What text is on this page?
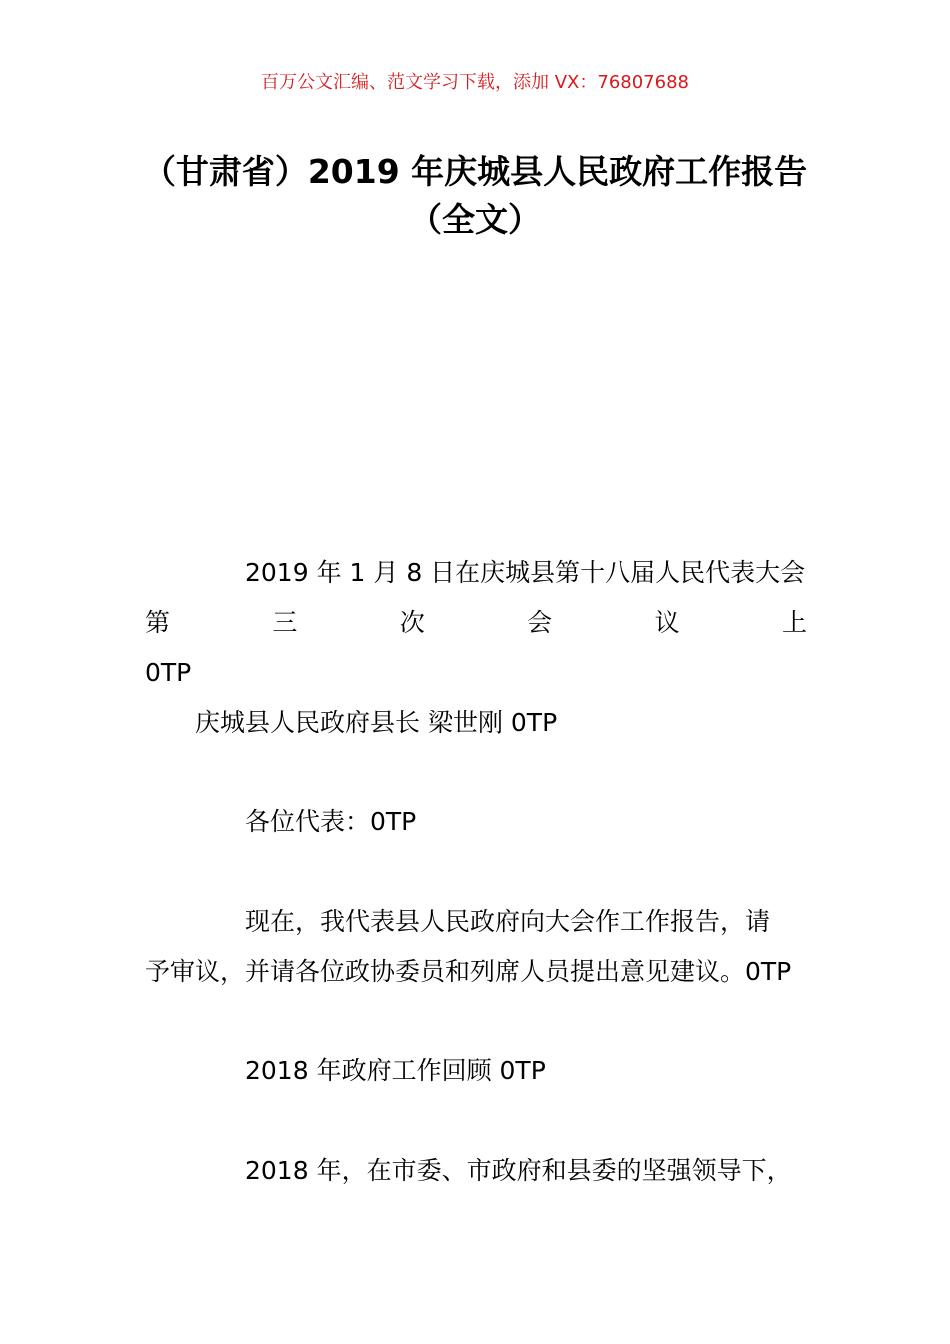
百万公文汇编、范文学习下载，添加 VX：76807688
（甘肃省）2019 年庆城县人民政府工作报告（全文）
2019 年 1 月 8 日在庆城县第十八届人民代表大会
第	三	次	会	议	上
0TP
庆城县人民政府县长 梁世刚 0TP
各位代表：0TP
现在，我代表县人民政府向大会作工作报告，请
予审议，并请各位政协委员和列席人员提出意见建议。0TP
2018 年政府工作回顾 0TP
2018 年，在市委、市政府和县委的坚强领导下，
